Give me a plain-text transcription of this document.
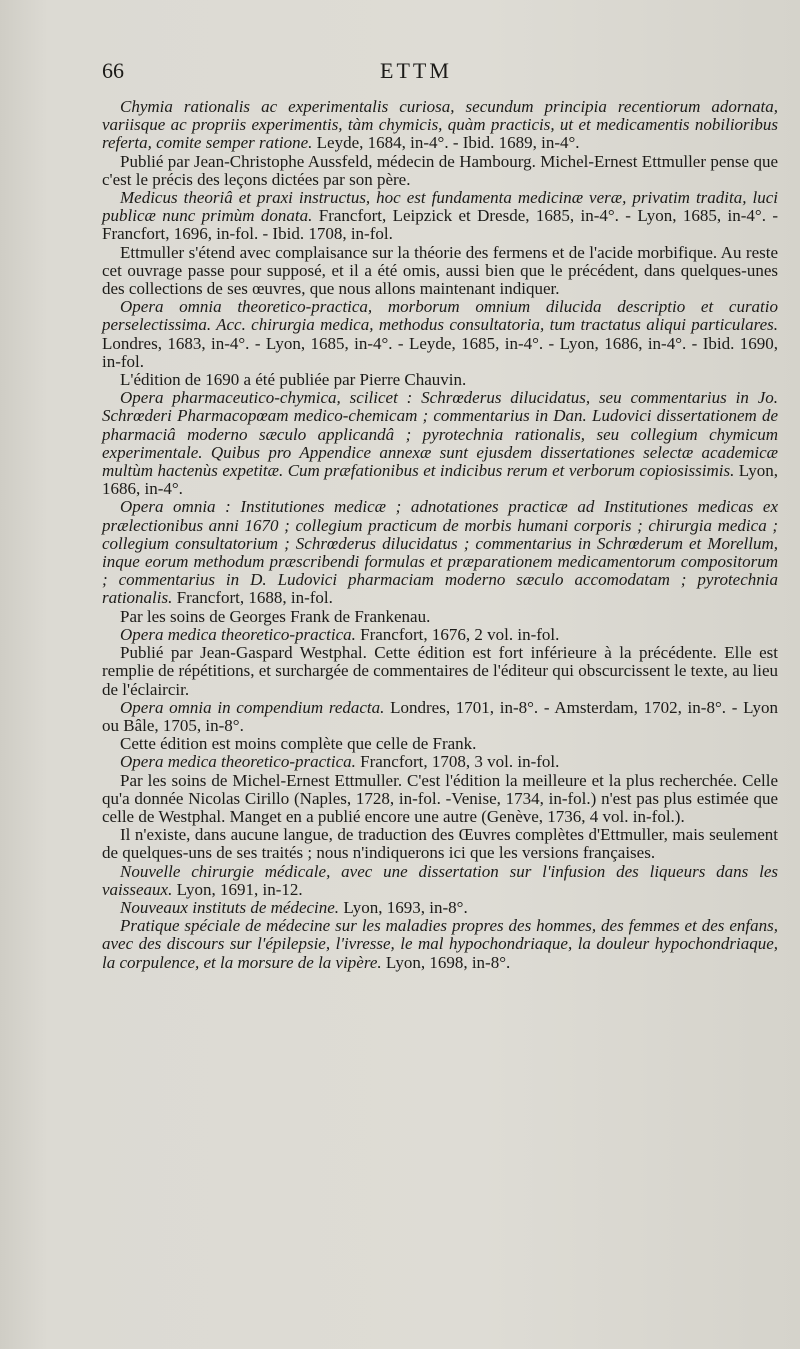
66	ETTM

Chymia rationalis ac experimentalis curiosa, secundum principia recentiorum adornata, variisque ac propriis experimentis, tàm chymicis, quàm practicis, ut et medicamentis nobilioribus referta, comite semper ratione. Leyde, 1684, in-4°. - Ibid. 1689, in-4°.

Publié par Jean-Christophe Aussfeld, médecin de Hambourg. Michel-Ernest Ettmuller pense que c'est le précis des leçons dictées par son père.

Medicus theoriâ et praxi instructus, hoc est fundamenta medicinæ veræ, privatim tradita, luci publicæ nunc primùm donata. Francfort, Leipzick et Dresde, 1685, in-4°. - Lyon, 1685, in-4°. - Francfort, 1696, in-fol. - Ibid. 1708, in-fol.

Ettmuller s'étend avec complaisance sur la théorie des fermens et de l'acide morbifique. Au reste cet ouvrage passe pour supposé, et il a été omis, aussi bien que le précédent, dans quelques-unes des collections de ses œuvres, que nous allons maintenant indiquer.

Opera omnia theoretico-practica, morborum omnium dilucida descriptio et curatio perselectissima. Acc. chirurgia medica, methodus consultatoria, tum tractatus aliqui particulares. Londres, 1683, in-4°. - Lyon, 1685, in-4°. - Leyde, 1685, in-4°. - Lyon, 1686, in-4°. - Ibid. 1690, in-fol.

L'édition de 1690 a été publiée par Pierre Chauvin.

Opera pharmaceutico-chymica, scilicet : Schrœderus dilucidatus, seu commentarius in Jo. Schrœderi Pharmacopœam medico-chemicam ; commentarius in Dan. Ludovici dissertationem de pharmaciâ moderno sæculo applicandâ ; pyrotechnia rationalis, seu collegium chymicum experimentale. Quibus pro Appendice annexæ sunt ejusdem dissertationes selectæ academicæ multùm hactenùs expetitæ. Cum præfationibus et indicibus rerum et verborum copiosissimis. Lyon, 1686, in-4°.

Opera omnia : Institutiones medicæ ; adnotationes practicæ ad Institutiones medicas ex prælectionibus anni 1670 ; collegium practicum de morbis humani corporis ; chirurgia medica ; collegium consultatorium ; Schrœderus dilucidatus ; commentarius in Schrœderum et Morellum, inque eorum methodum præscribendi formulas et præparationem medicamentorum compositorum ; commentarius in D. Ludovici pharmaciam moderno sæculo accomodatam ; pyrotechnia rationalis. Francfort, 1688, in-fol.

Par les soins de Georges Frank de Frankenau.

Opera medica theoretico-practica. Francfort, 1676, 2 vol. in-fol.

Publié par Jean-Gaspard Westphal. Cette édition est fort inférieure à la précédente. Elle est remplie de répétitions, et surchargée de commentaires de l'éditeur qui obscurcissent le texte, au lieu de l'éclaircir.

Opera omnia in compendium redacta. Londres, 1701, in-8°. - Amsterdam, 1702, in-8°. - Lyon ou Bâle, 1705, in-8°.

Cette édition est moins complète que celle de Frank.

Opera medica theoretico-practica. Francfort, 1708, 3 vol. in-fol.

Par les soins de Michel-Ernest Ettmuller. C'est l'édition la meilleure et la plus recherchée. Celle qu'a donnée Nicolas Cirillo (Naples, 1728, in-fol. -Venise, 1734, in-fol.) n'est pas plus estimée que celle de Westphal. Manget en a publié encore une autre (Genève, 1736, 4 vol. in-fol.).

Il n'existe, dans aucune langue, de traduction des Œuvres complètes d'Ettmuller, mais seulement de quelques-uns de ses traités ; nous n'indiquerons ici que les versions françaises.

Nouvelle chirurgie médicale, avec une dissertation sur l'infusion des liqueurs dans les vaisseaux. Lyon, 1691, in-12.

Nouveaux instituts de médecine. Lyon, 1693, in-8°.

Pratique spéciale de médecine sur les maladies propres des hommes, des femmes et des enfans, avec des discours sur l'épilepsie, l'ivresse, le mal hypochondriaque, la douleur hypochondriaque, la corpulence, et la morsure de la vipère. Lyon, 1698, in-8°.
